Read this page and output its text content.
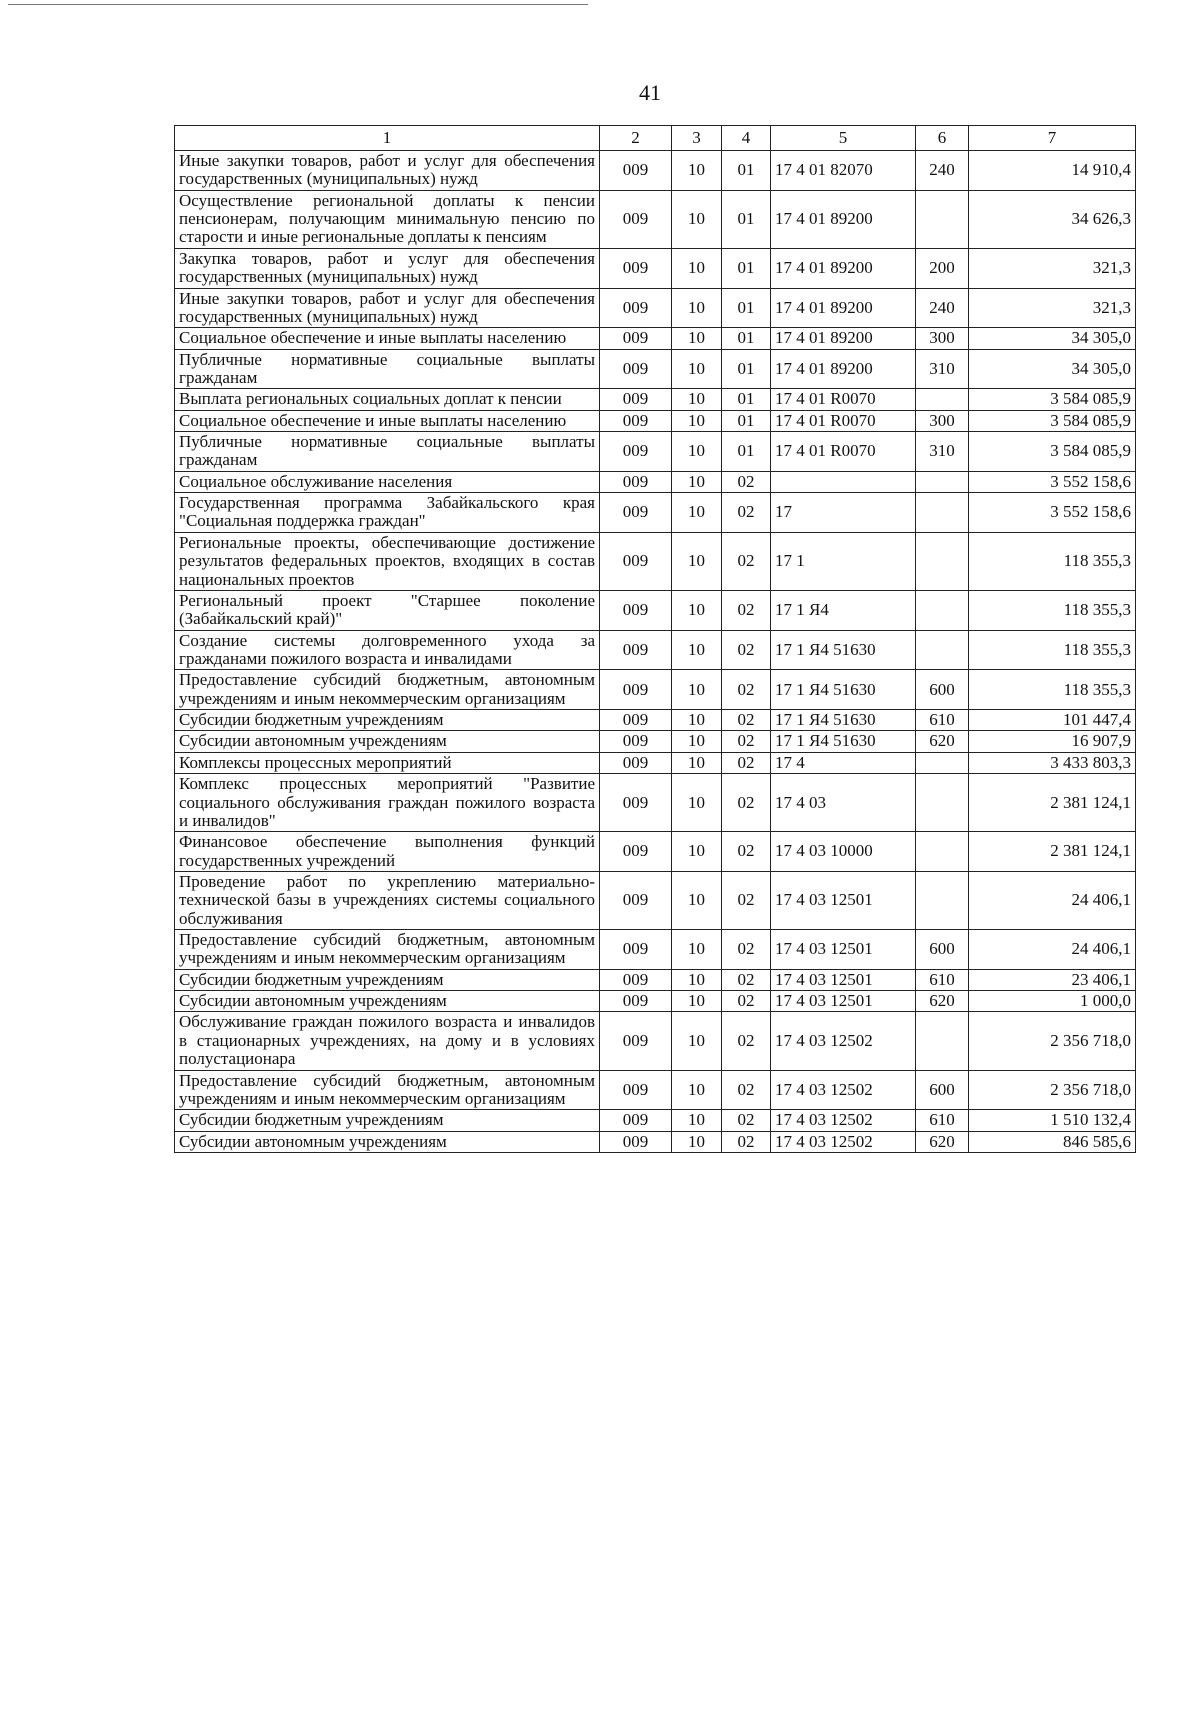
41
1	2	3	4	5	6	7
Иные закупки товаров, работ и услуг для обеспечения государственных (муниципальных) нужд	009	10	01	17 4 01 82070	240	14 910,4
Осуществление региональной доплаты к пенсии пенсионерам, получающим минимальную пенсию по старости и иные региональные доплаты к пенсиям	009	10	01	17 4 01 89200		34 626,3
Закупка товаров, работ и услуг для обеспечения государственных (муниципальных) нужд	009	10	01	17 4 01 89200	200	321,3
Иные закупки товаров, работ и услуг для обеспечения государственных (муниципальных) нужд	009	10	01	17 4 01 89200	240	321,3
Социальное обеспечение и иные выплаты населению	009	10	01	17 4 01 89200	300	34 305,0
Публичные нормативные социальные выплаты гражданам	009	10	01	17 4 01 89200	310	34 305,0
Выплата региональных социальных доплат к пенсии	009	10	01	17 4 01 R0070		3 584 085,9
Социальное обеспечение и иные выплаты населению	009	10	01	17 4 01 R0070	300	3 584 085,9
Публичные нормативные социальные выплаты гражданам	009	10	01	17 4 01 R0070	310	3 584 085,9
Социальное обслуживание населения	009	10	02			3 552 158,6
Государственная программа Забайкальского края "Социальная поддержка граждан"	009	10	02	17		3 552 158,6
Региональные проекты, обеспечивающие достижение результатов федеральных проектов, входящих в состав национальных проектов	009	10	02	17 1		118 355,3
Региональный проект "Старшее поколение (Забайкальский край)"	009	10	02	17 1 Я4		118 355,3
Создание системы долговременного ухода за гражданами пожилого возраста и инвалидами	009	10	02	17 1 Я4 51630		118 355,3
Предоставление субсидий бюджетным, автономным учреждениям и иным некоммерческим организациям	009	10	02	17 1 Я4 51630	600	118 355,3
Субсидии бюджетным учреждениям	009	10	02	17 1 Я4 51630	610	101 447,4
Субсидии автономным учреждениям	009	10	02	17 1 Я4 51630	620	16 907,9
Комплексы процессных мероприятий	009	10	02	17 4		3 433 803,3
Комплекс процессных мероприятий "Развитие социального обслуживания граждан пожилого возраста и инвалидов"	009	10	02	17 4 03		2 381 124,1
Финансовое обеспечение выполнения функций государственных учреждений	009	10	02	17 4 03 10000		2 381 124,1
Проведение работ по укреплению материально-технической базы в учреждениях системы социального обслуживания	009	10	02	17 4 03 12501		24 406,1
Предоставление субсидий бюджетным, автономным учреждениям и иным некоммерческим организациям	009	10	02	17 4 03 12501	600	24 406,1
Субсидии бюджетным учреждениям	009	10	02	17 4 03 12501	610	23 406,1
Субсидии автономным учреждениям	009	10	02	17 4 03 12501	620	1 000,0
Обслуживание граждан пожилого возраста и инвалидов в стационарных учреждениях, на дому и в условиях полустационара	009	10	02	17 4 03 12502		2 356 718,0
Предоставление субсидий бюджетным, автономным учреждениям и иным некоммерческим организациям	009	10	02	17 4 03 12502	600	2 356 718,0
Субсидии бюджетным учреждениям	009	10	02	17 4 03 12502	610	1 510 132,4
Субсидии автономным учреждениям	009	10	02	17 4 03 12502	620	846 585,6
